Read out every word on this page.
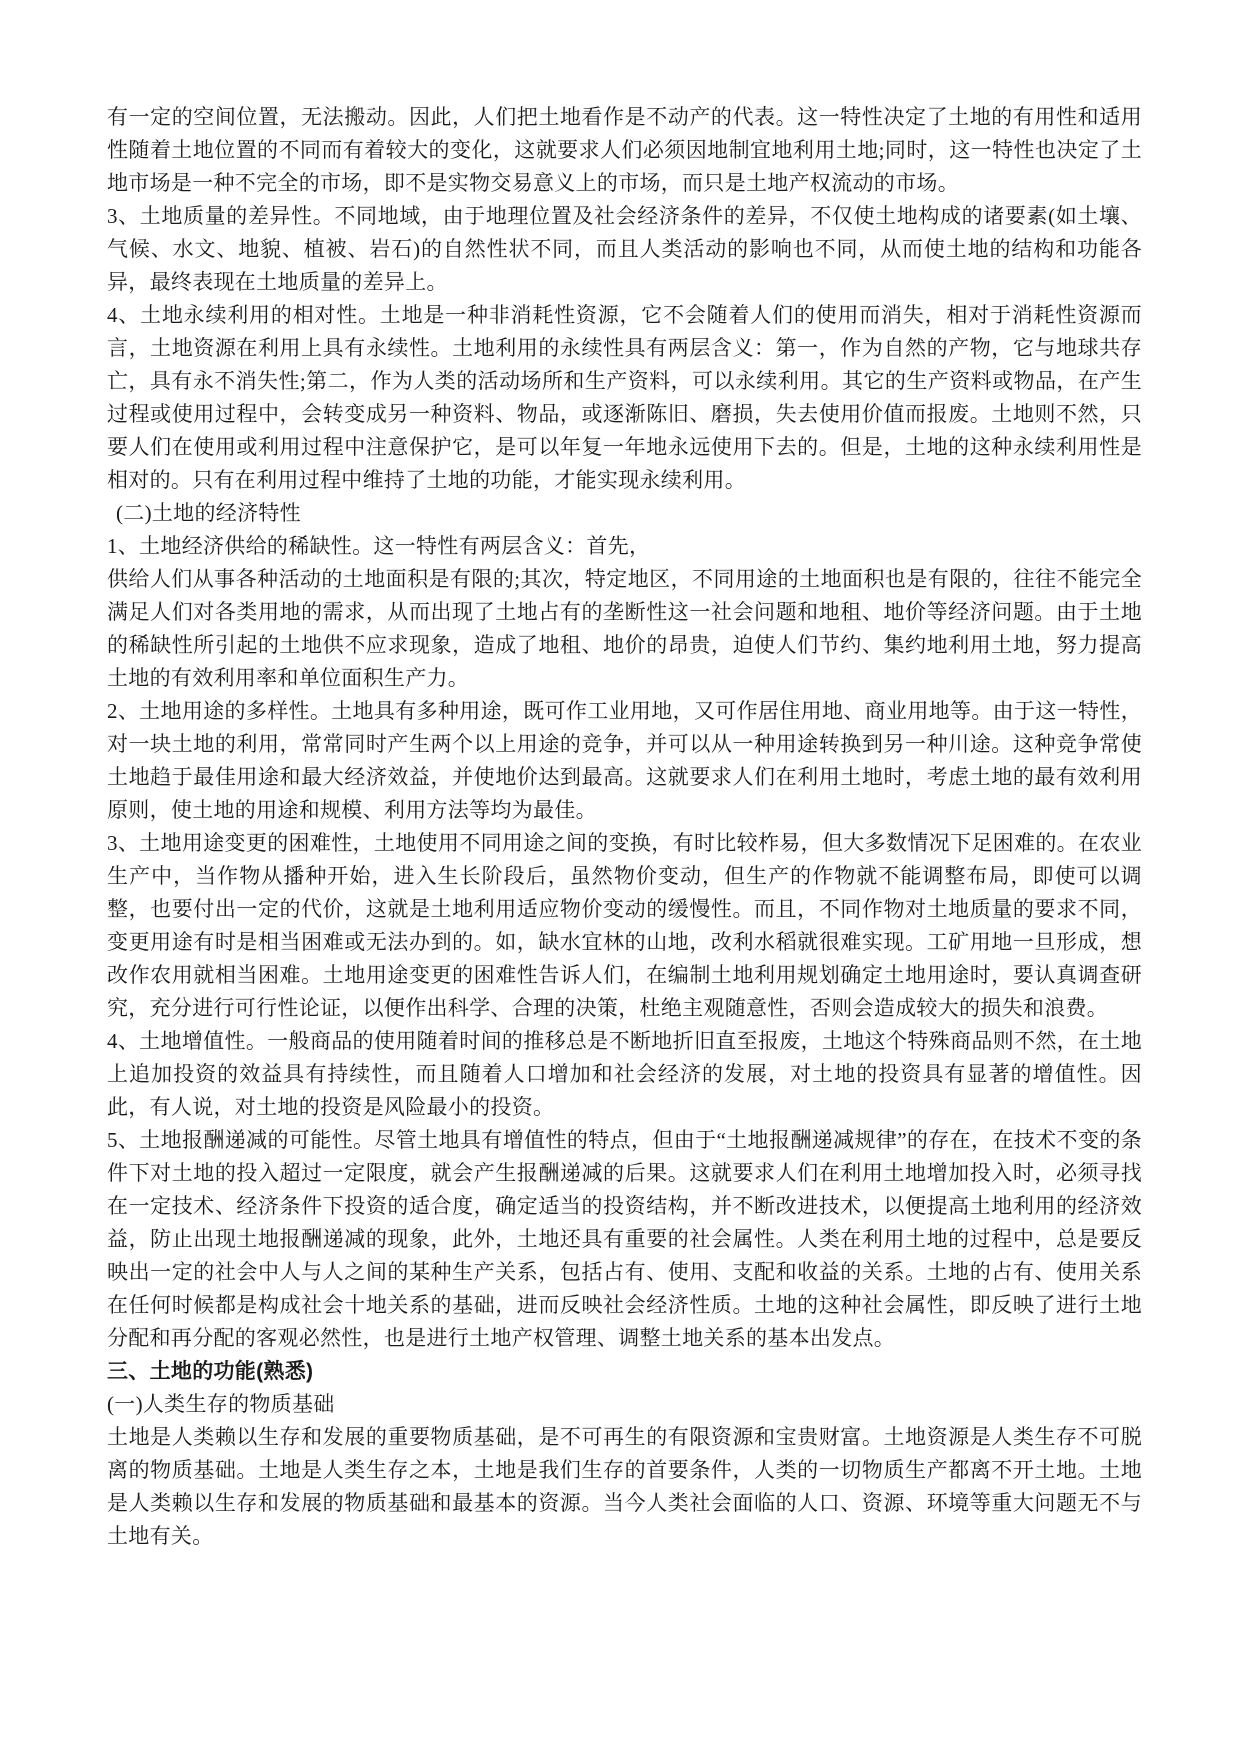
有一定的空间位置，无法搬动。因此，人们把土地看作是不动产的代表。这一特性决定了土地的有用性和适用性随着土地位置的不同而有着较大的变化，这就要求人们必须因地制宜地利用土地;同时，这一特性也决定了土地市场是一种不完全的市场，即不是实物交易意义上的市场，而只是土地产权流动的市场。

3、土地质量的差异性。不同地域，由于地理位置及社会经济条件的差异，不仅使土地构成的诸要素(如土壤、气候、水文、地貌、植被、岩石)的自然性状不同，而且人类活动的影响也不同，从而使土地的结构和功能各异，最终表现在土地质量的差异上。

4、土地永续利用的相对性。土地是一种非消耗性资源，它不会随着人们的使用而消失，相对于消耗性资源而言，土地资源在利用上具有永续性。土地利用的永续性具有两层含义：第一，作为自然的产物，它与地球共存亡，具有永不消失性;第二，作为人类的活动场所和生产资料，可以永续利用。其它的生产资料或物品，在产生过程或使用过程中，会转变成另一种资料、物品，或逐渐陈旧、磨损，失去使用价值而报废。土地则不然，只要人们在使用或利用过程中注意保护它，是可以年复一年地永远使用下去的。但是，土地的这种永续利用性是相对的。只有在利用过程中维持了土地的功能，才能实现永续利用。

(二)土地的经济特性

1、土地经济供给的稀缺性。这一特性有两层含义：首先，

供给人们从事各种活动的土地面积是有限的;其次，特定地区，不同用途的土地面积也是有限的，往往不能完全满足人们对各类用地的需求，从而出现了土地占有的垄断性这一社会问题和地租、地价等经济问题。由于土地的稀缺性所引起的土地供不应求现象，造成了地租、地价的昂贵，迫使人们节约、集约地利用土地，努力提高土地的有效利用率和单位面积生产力。

2、土地用途的多样性。土地具有多种用途，既可作工业用地，又可作居住用地、商业用地等。由于这一特性，对一块土地的利用，常常同时产生两个以上用途的竞争，并可以从一种用途转换到另一种川途。这种竞争常使土地趋于最佳用途和最大经济效益，并使地价达到最高。这就要求人们在利用土地时，考虑土地的最有效利用原则，使土地的用途和规模、利用方法等均为最佳。

3、土地用途变更的困难性，土地使用不同用途之间的变换，有时比较柞易，但大多数情况下足困难的。在农业生产中，当作物从播种开始，进入生长阶段后，虽然物价变动，但生产的作物就不能调整布局，即使可以调整，也要付出一定的代价，这就是土地利用适应物价变动的缓慢性。而且，不同作物对土地质量的要求不同，变更用途有时是相当困难或无法办到的。如，缺水宜林的山地，改利水稻就很难实现。工矿用地一旦形成，想改作农用就相当困难。土地用途变更的困难性告诉人们，在编制土地利用规划确定土地用途时，要认真调查研究，充分进行可行性论证，以便作出科学、合理的决策，杜绝主观随意性，否则会造成较大的损失和浪费。

4、土地增值性。一般商品的使用随着时间的推移总是不断地折旧直至报废，土地这个特殊商品则不然，在土地上追加投资的效益具有持续性，而且随着人口增加和社会经济的发展，对土地的投资具有显著的增值性。因此，有人说，对土地的投资是风险最小的投资。

5、土地报酬递减的可能性。尽管土地具有增值性的特点，但由于“土地报酬递减规律”的存在，在技术不变的条件下对土地的投入超过一定限度，就会产生报酬递减的后果。这就要求人们在利用土地增加投入时，必须寻找在一定技术、经济条件下投资的适合度，确定适当的投资结构，并不断改进技术，以便提高土地利用的经济效益，防止出现土地报酬递减的现象，此外，土地还具有重要的社会属性。人类在利用土地的过程中，总是要反映出一定的社会中人与人之间的某种生产关系，包括占有、使用、支配和收益的关系。土地的占有、使用关系在任何时候都是构成社会十地关系的基础，进而反映社会经济性质。土地的这种社会属性，即反映了进行土地分配和再分配的客观必然性，也是进行土地产权管理、调整土地关系的基本出发点。

三、土地的功能(熟悉)

(一)人类生存的物质基础

土地是人类赖以生存和发展的重要物质基础，是不可再生的有限资源和宝贵财富。土地资源是人类生存不可脱离的物质基础。土地是人类生存之本，土地是我们生存的首要条件，人类的一切物质生产都离不开土地。土地是人类赖以生存和发展的物质基础和最基本的资源。当今人类社会面临的人口、资源、环境等重大问题无不与土地有关。
